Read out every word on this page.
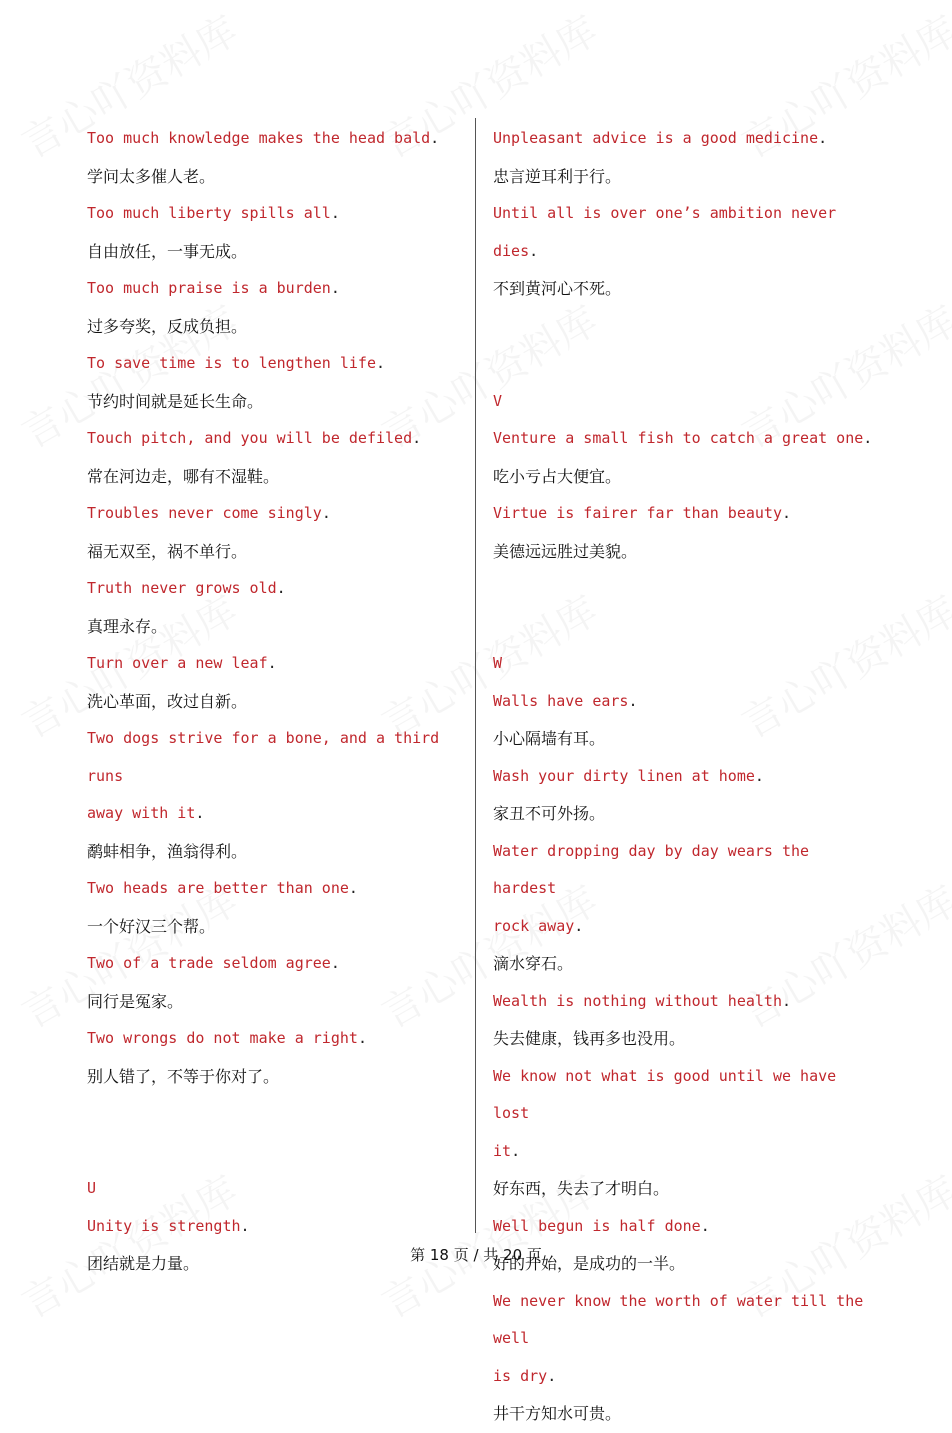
Too much knowledge makes the head bald.

学问太多催人老。

Too much liberty spills all.

自由放任，一事无成。

Too much praise is a burden.

过多夸奖，反成负担。

To save time is to lengthen life.

节约时间就是延长生命。

Touch pitch, and you will be defiled.

常在河边走，哪有不湿鞋。

Troubles never come singly.

福无双至，祸不单行。

Truth never grows old.

真理永存。

Turn over a new leaf.

洗心革面，改过自新。

Two dogs strive for a bone, and a third runs
away with it.

鹬蚌相争，渔翁得利。

Two heads are better than one.

一个好汉三个帮。

Two of a trade seldom agree.

同行是冤家。

Two wrongs do not make a right.

别人错了，不等于你对了。

U

Unity is strength.

团结就是力量。

Unpleasant advice is a good medicine.

忠言逆耳利于行。

Until all is over one’s ambition never dies.

不到黄河心不死。

V

Venture a small fish to catch a great one.

吃小亏占大便宜。

Virtue is fairer far than beauty.

美德远远胜过美貌。

W

Walls have ears.

小心隔墙有耳。

Wash your dirty linen at home.

家丑不可外扬。

Water dropping day by day wears the hardest
rock away.

滴水穿石。

Wealth is nothing without health.

失去健康，钱再多也没用。

We know not what is good until we have lost
it.

好东西，失去了才明白。

Well begun is half done.

好的开始，是成功的一半。

We never know the worth of water till the well
is dry.

井干方知水可贵。

第 18 页 / 共 20 页
